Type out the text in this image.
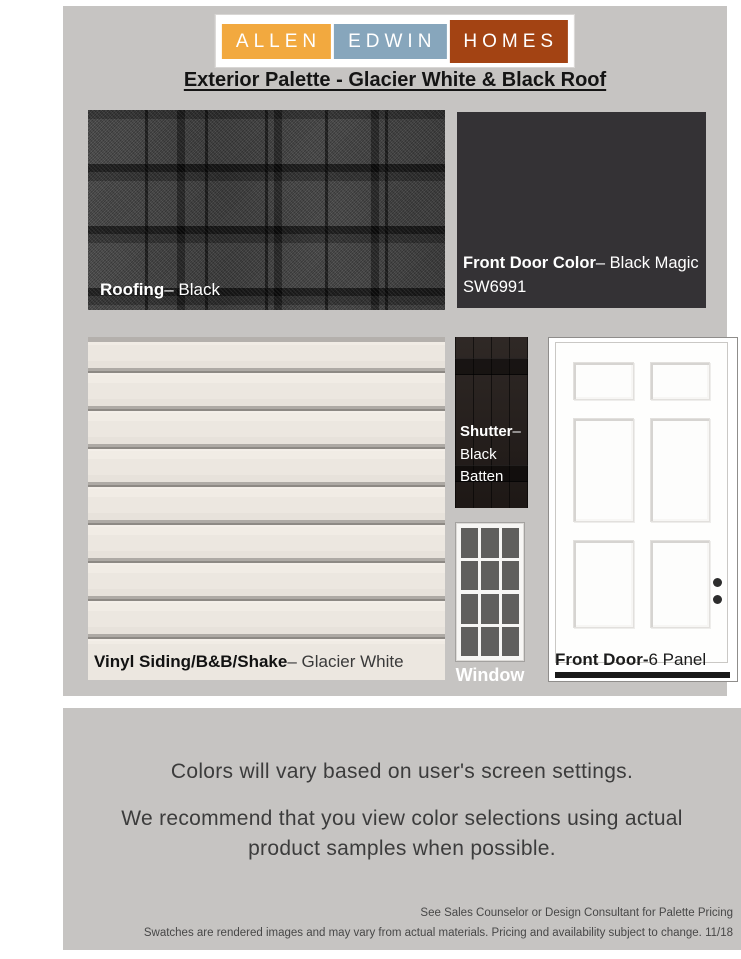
ALLEN	EDWIN	HOMES
Exterior Palette - Glacier White & Black Roof
Roofing– Black
Front Door Color– Black Magic
SW6991
Vinyl Siding/B&B/Shake – Glacier White
Shutter– Black Batten
Window
Front Door-6 Panel
Colors will vary based on user's screen settings.
We recommend that you view color selections using actual product samples when possible.
See Sales Counselor or Design Consultant for Palette Pricing
Swatches are rendered images and may vary from actual materials. Pricing and availability subject to change. 11/18
